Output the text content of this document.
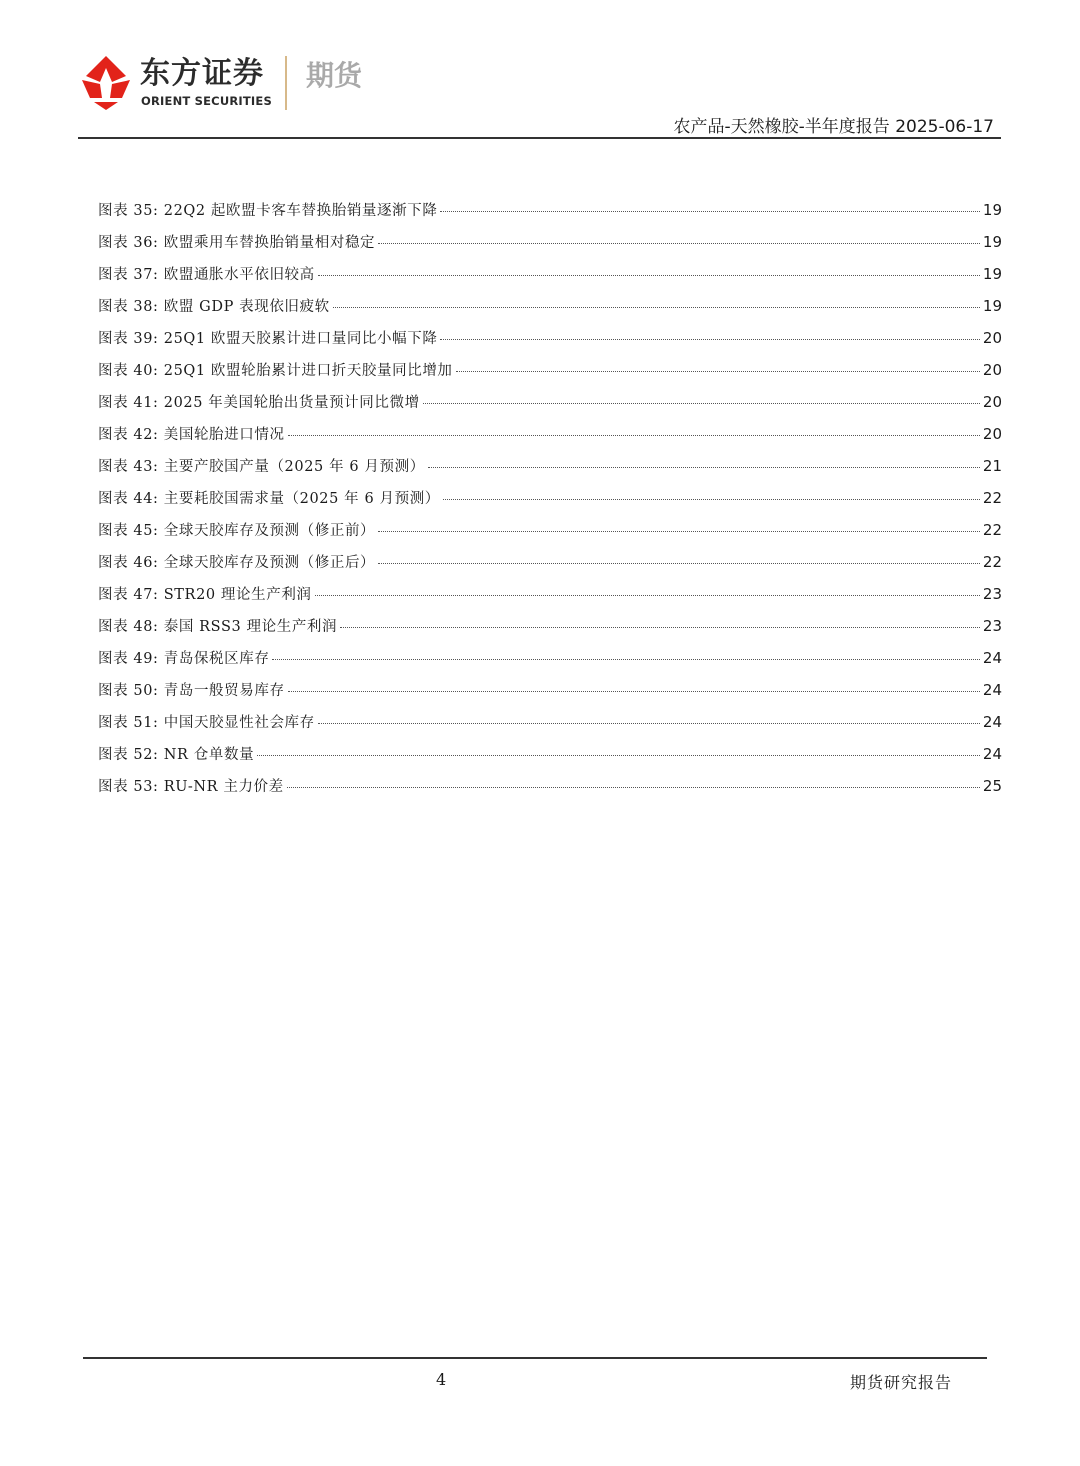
东方证券
ORIENT SECURITIES
期货
农产品-天然橡胶-半年度报告 2025-06-17
图表 35: 22Q2 起欧盟卡客车替换胎销量逐渐下降	19
图表 36: 欧盟乘用车替换胎销量相对稳定	19
图表 37: 欧盟通胀水平依旧较高	19
图表 38: 欧盟 GDP 表现依旧疲软	19
图表 39: 25Q1 欧盟天胶累计进口量同比小幅下降	20
图表 40: 25Q1 欧盟轮胎累计进口折天胶量同比增加	20
图表 41: 2025 年美国轮胎出货量预计同比微增	20
图表 42: 美国轮胎进口情况	20
图表 43: 主要产胶国产量（2025 年 6 月预测）	21
图表 44: 主要耗胶国需求量（2025 年 6 月预测）	22
图表 45: 全球天胶库存及预测（修正前）	22
图表 46: 全球天胶库存及预测（修正后）	22
图表 47: STR20 理论生产利润	23
图表 48: 泰国 RSS3 理论生产利润	23
图表 49: 青岛保税区库存	24
图表 50: 青岛一般贸易库存	24
图表 51: 中国天胶显性社会库存	24
图表 52: NR 仓单数量	24
图表 53: RU-NR 主力价差	25
4	期货研究报告
